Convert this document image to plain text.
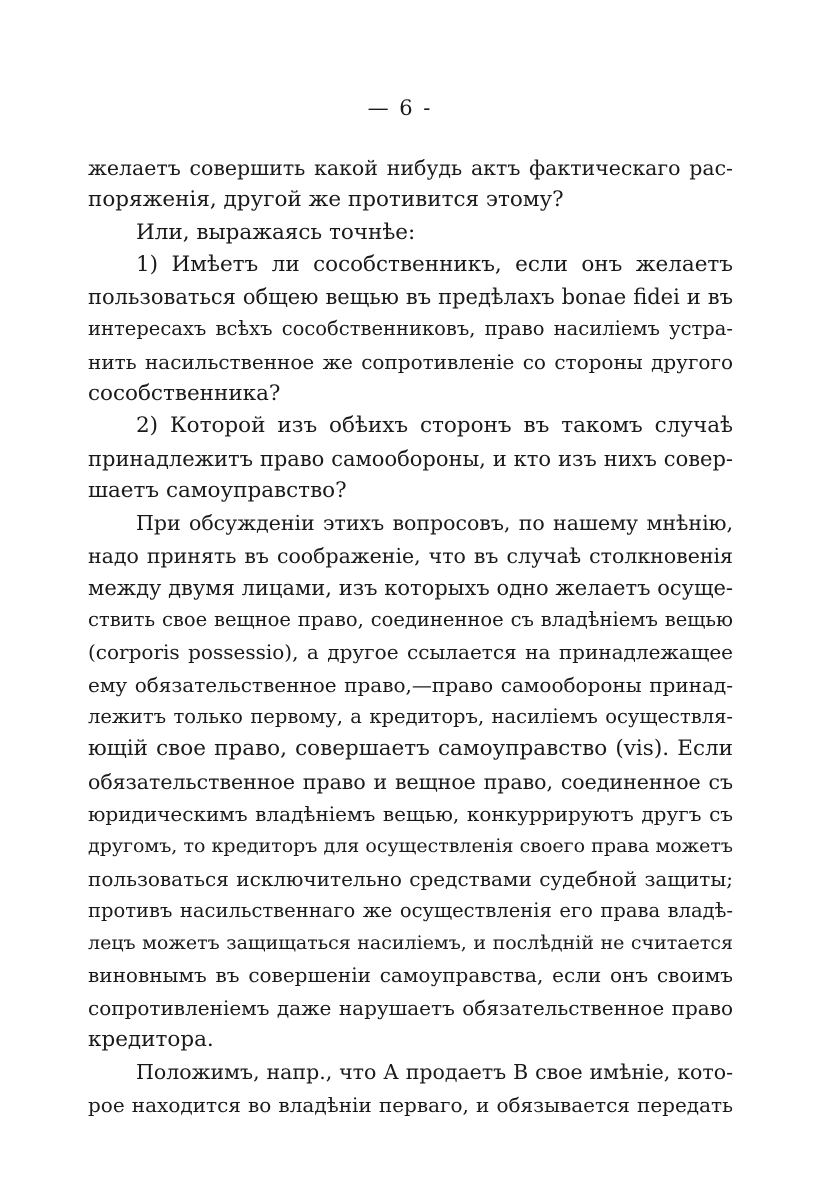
— 6 -
желаетъ совершить какой нибудь актъ фактическаго рас-
поряженія, другой же противится этому?
Или, выражаясь точнѣе:
1) Имѣетъ ли сособственникъ, если онъ желаетъ
пользоваться общею вещью въ предѣлахъ bonae fidei и въ
интересахъ всѣхъ сособственниковъ, право насиліемъ устра-
нить насильственное же сопротивленіе со стороны другого
сособственника?
2) Которой изъ обѣихъ сторонъ въ такомъ случаѣ
принадлежитъ право самообороны, и кто изъ нихъ совер-
шаетъ самоуправство?
При обсужденіи этихъ вопросовъ, по нашему мнѣнію,
надо принять въ соображеніе, что въ случаѣ столкновенія
между двумя лицами, изъ которыхъ одно желаетъ осуще-
ствить свое вещное право, соединенное съ владѣніемъ вещью
(corporis possessio), а другое ссылается на принадлежащее
ему обязательственное право,—право самообороны принад-
лежитъ только первому, а кредиторъ, насиліемъ осуществля-
ющій свое право, совершаетъ самоуправство (vis). Если
обязательственное право и вещное право, соединенное съ
юридическимъ владѣніемъ вещью, конкуррируютъ другъ съ
другомъ, то кредиторъ для осуществленія своего права можетъ
пользоваться исключительно средствами судебной защиты;
противъ насильственнаго же осуществленія его права владѣ-
лецъ можетъ защищаться насиліемъ, и послѣдній не считается
виновнымъ въ совершеніи самоуправства, если онъ своимъ
сопротивленіемъ даже нарушаетъ обязательственное право
кредитора.
Положимъ, напр., что А продаетъ В свое имѣніе, кото-
рое находится во владѣніи перваго, и обязывается передать
